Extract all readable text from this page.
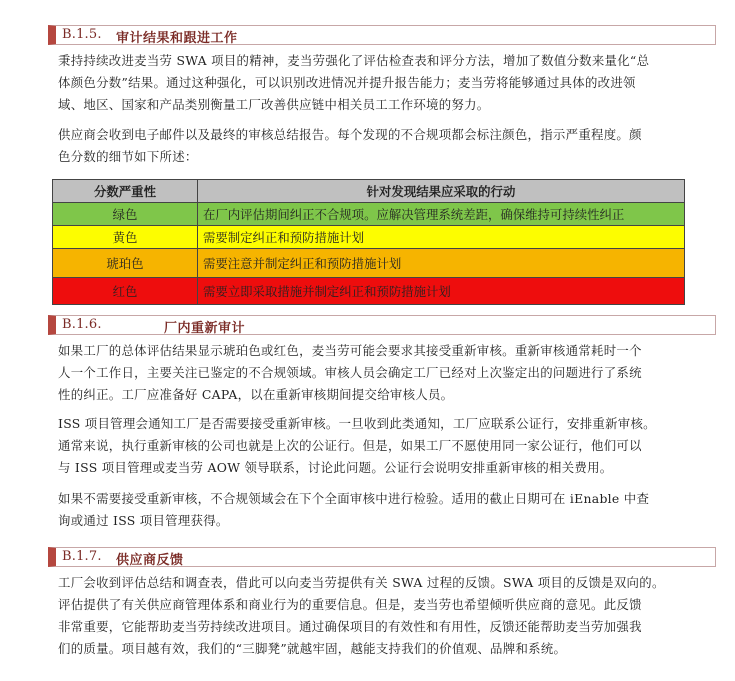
B.1.5. 审计结果和跟进工作

秉持持续改进麦当劳 SWA 项目的精神，麦当劳强化了评估检查表和评分方法，增加了数值分数来量化“总

体颜色分数”结果。通过这种强化，可以识别改进情况并提升报告能力；麦当劳将能够通过具体的改进领

域、地区、国家和产品类别衡量工厂改善供应链中相关员工工作环境的努力。

供应商会收到电子邮件以及最终的审核总结报告。每个发现的不合规项都会标注颜色，指示严重程度。颜

色分数的细节如下所述：

分数严重性	针对发现结果应采取的行动
绿色	在厂内评估期间纠正不合规项。应解决管理系统差距，确保维持可持续性纠正
黄色	需要制定纠正和预防措施计划
琥珀色	需要注意并制定纠正和预防措施计划
红色	需要立即采取措施并制定纠正和预防措施计划
B.1.6.	厂内重新审计

如果工厂的总体评估结果显示琥珀色或红色，麦当劳可能会要求其接受重新审核。重新审核通常耗时一个

人一个工作日，主要关注已鉴定的不合规领域。审核人员会确定工厂已经对上次鉴定出的问题进行了系统

性的纠正。工厂应准备好 CAPA，以在重新审核期间提交给审核人员。

ISS 项目管理会通知工厂是否需要接受重新审核。一旦收到此类通知，工厂应联系公证行，安排重新审核。

通常来说，执行重新审核的公司也就是上次的公证行。但是，如果工厂不愿使用同一家公证行，他们可以

与 ISS 项目管理或麦当劳 AOW 领导联系，讨论此问题。公证行会说明安排重新审核的相关费用。

如果不需要接受重新审核，不合规领域会在下个全面审核中进行检验。适用的截止日期可在 iEnable 中查

询或通过 ISS 项目管理获得。

B.1.7. 供应商反馈

工厂会收到评估总结和调查表，借此可以向麦当劳提供有关 SWA 过程的反馈。SWA 项目的反馈是双向的。

评估提供了有关供应商管理体系和商业行为的重要信息。但是，麦当劳也希望倾听供应商的意见。此反馈

非常重要，它能帮助麦当劳持续改进项目。通过确保项目的有效性和有用性，反馈还能帮助麦当劳加强我

们的质量。项目越有效，我们的“三脚凳”就越牢固，越能支持我们的价值观、品牌和系统。
